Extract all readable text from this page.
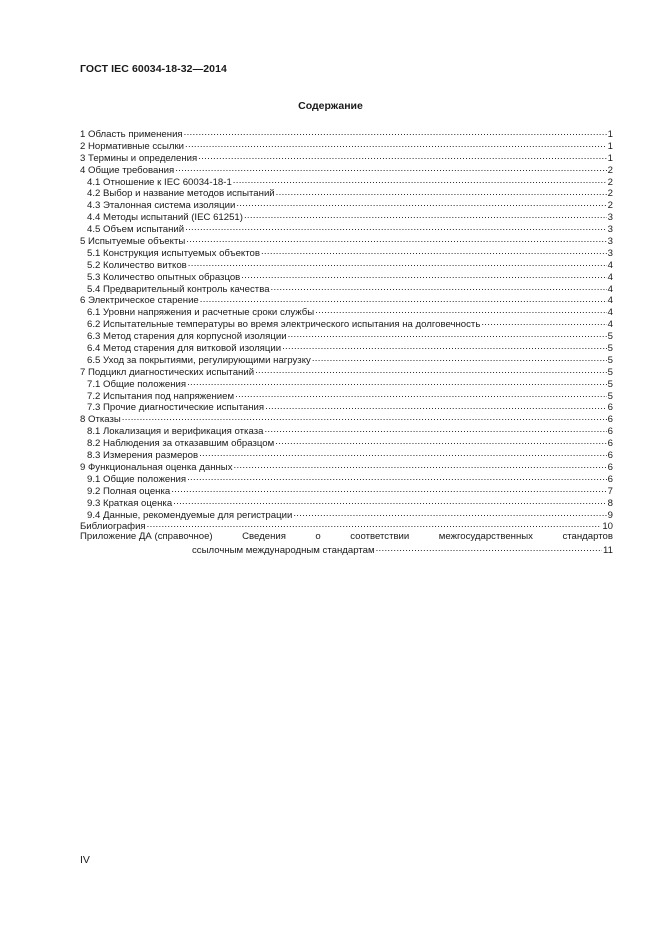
ГОСТ IEC 60034-18-32—2014
Содержание
1 Область применения .....	1
2 Нормативные ссылки .....	1
3 Термины и определения .....	1
4 Общие требования .....	2
4.1 Отношение к IEC 60034-18-1 .....	2
4.2 Выбор и название методов испытаний .....	2
4.3 Эталонная система изоляции .....	2
4.4 Методы испытаний (IEC 61251) .....	3
4.5 Объем испытаний .....	3
5 Испытуемые объекты .....	3
5.1 Конструкция испытуемых объектов .....	3
5.2 Количество витков .....	4
5.3 Количество опытных образцов .....	4
5.4 Предварительный контроль качества .....	4
6 Электрическое старение .....	4
6.1 Уровни напряжения и расчетные сроки службы .....	4
6.2 Испытательные температуры во время электрического испытания на долговечность .....	4
6.3 Метод старения для корпусной изоляции .....	5
6.4 Метод старения для витковой изоляции .....	5
6.5 Уход за покрытиями, регулирующими нагрузку .....	5
7 Подцикл диагностических испытаний .....	5
7.1 Общие положения .....	5
7.2 Испытания под напряжением .....	5
7.3 Прочие диагностические испытания .....	6
8 Отказы .....	6
8.1 Локализация и верификация отказа .....	6
8.2 Наблюдения за отказавшим образцом .....	6
8.3 Измерения размеров .....	6
9 Функциональная оценка данных .....	6
9.1 Общие положения .....	6
9.2 Полная оценка .....	7
9.3 Краткая оценка .....	8
9.4 Данные, рекомендуемые для регистрации .....	9
Библиография .....	10
Приложение ДА (справочное)	Сведения	о	соответствии	межгосударственных	стандартов
ссылочным международным стандартам .....	11
IV
